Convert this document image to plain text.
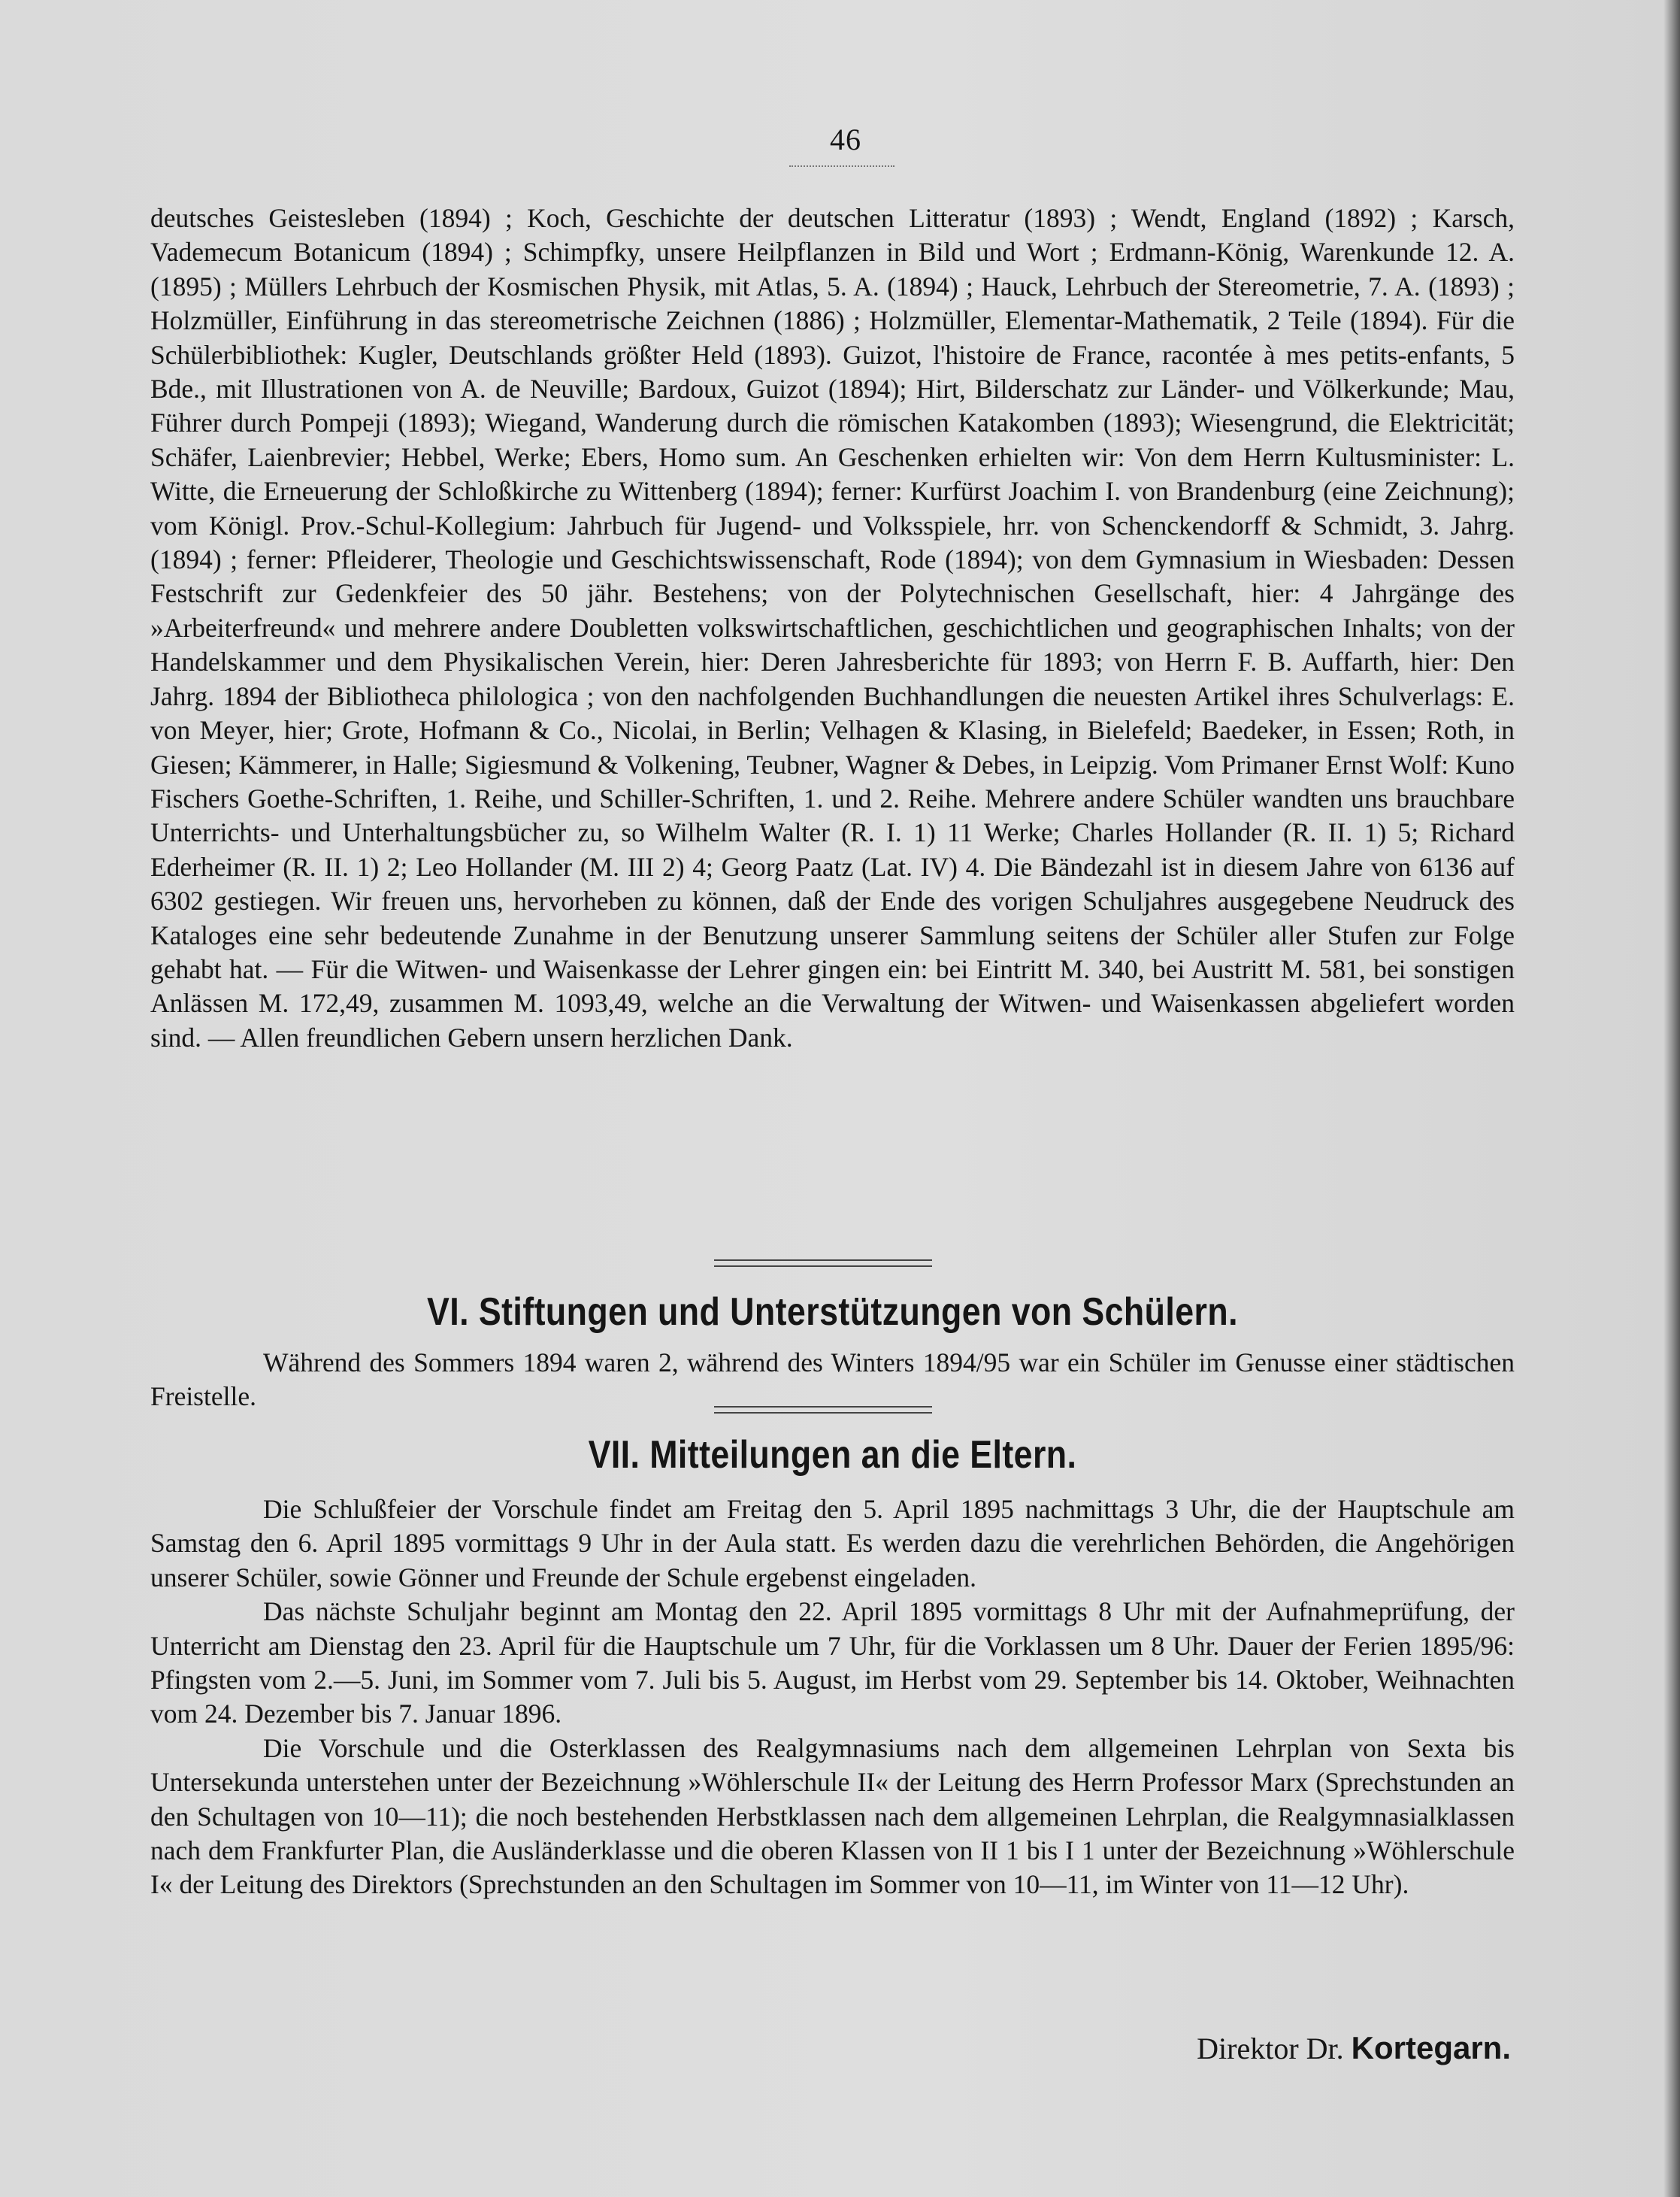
46

deutsches Geistesleben (1894) ; Koch, Geschichte der deutschen Litteratur (1893) ; Wendt, England (1892) ; Karsch, Vademecum Botanicum (1894) ; Schimpfky, unsere Heilpflanzen in Bild und Wort ; Erdmann-König, Warenkunde 12. A. (1895) ; Müllers Lehrbuch der Kosmischen Physik, mit Atlas, 5. A. (1894) ; Hauck, Lehrbuch der Stereometrie, 7. A. (1893) ; Holzmüller, Einführung in das stereometrische Zeichnen (1886) ; Holzmüller, Elementar-Mathematik, 2 Teile (1894). Für die Schülerbibliothek: Kugler, Deutschlands größter Held (1893). Guizot, l'histoire de France, racontée à mes petits-enfants, 5 Bde., mit Illustrationen von A. de Neuville; Bardoux, Guizot (1894); Hirt, Bilderschatz zur Länder- und Völkerkunde; Mau, Führer durch Pompeji (1893); Wiegand, Wanderung durch die römischen Katakomben (1893); Wiesengrund, die Elektricität; Schäfer, Laienbrevier; Hebbel, Werke; Ebers, Homo sum. An Geschenken erhielten wir: Von dem Herrn Kultusminister: L. Witte, die Erneuerung der Schloßkirche zu Wittenberg (1894); ferner: Kurfürst Joachim I. von Brandenburg (eine Zeichnung); vom Königl. Prov.-Schul-Kollegium: Jahrbuch für Jugend- und Volksspiele, hrr. von Schenckendorff & Schmidt, 3. Jahrg. (1894) ; ferner: Pfleiderer, Theologie und Geschichtswissenschaft, Rode (1894); von dem Gymnasium in Wiesbaden: Dessen Festschrift zur Gedenkfeier des 50 jähr. Bestehens; von der Polytechnischen Gesellschaft, hier: 4 Jahrgänge des »Arbeiterfreund« und mehrere andere Doubletten volkswirtschaftlichen, geschichtlichen und geographischen Inhalts; von der Handelskammer und dem Physikalischen Verein, hier: Deren Jahresberichte für 1893; von Herrn F. B. Auffarth, hier: Den Jahrg. 1894 der Bibliotheca philologica ; von den nachfolgenden Buchhandlungen die neuesten Artikel ihres Schulverlags: E. von Meyer, hier; Grote, Hofmann & Co., Nicolai, in Berlin; Velhagen & Klasing, in Bielefeld; Baedeker, in Essen; Roth, in Giesen; Kämmerer, in Halle; Sigiesmund & Volkening, Teubner, Wagner & Debes, in Leipzig. Vom Primaner Ernst Wolf: Kuno Fischers Goethe-Schriften, 1. Reihe, und Schiller-Schriften, 1. und 2. Reihe. Mehrere andere Schüler wandten uns brauchbare Unterrichts- und Unterhaltungsbücher zu, so Wilhelm Walter (R. I. 1) 11 Werke; Charles Hollander (R. II. 1) 5; Richard Ederheimer (R. II. 1) 2; Leo Hollander (M. III 2) 4; Georg Paatz (Lat. IV) 4. Die Bändezahl ist in diesem Jahre von 6136 auf 6302 gestiegen. Wir freuen uns, hervorheben zu können, daß der Ende des vorigen Schuljahres ausgegebene Neudruck des Kataloges eine sehr bedeutende Zunahme in der Benutzung unserer Sammlung seitens der Schüler aller Stufen zur Folge gehabt hat. — Für die Witwen- und Waisenkasse der Lehrer gingen ein: bei Eintritt M. 340, bei Austritt M. 581, bei sonstigen Anlässen M. 172,49, zusammen M. 1093,49, welche an die Verwaltung der Witwen- und Waisenkassen abgeliefert worden sind. — Allen freundlichen Gebern unsern herzlichen Dank.

VI. Stiftungen und Unterstützungen von Schülern.

Während des Sommers 1894 waren 2, während des Winters 1894/95 war ein Schüler im Genusse einer städtischen Freistelle.

VII. Mitteilungen an die Eltern.

Die Schlußfeier der Vorschule findet am Freitag den 5. April 1895 nachmittags 3 Uhr, die der Hauptschule am Samstag den 6. April 1895 vormittags 9 Uhr in der Aula statt. Es werden dazu die verehrlichen Behörden, die Angehörigen unserer Schüler, sowie Gönner und Freunde der Schule ergebenst eingeladen.

Das nächste Schuljahr beginnt am Montag den 22. April 1895 vormittags 8 Uhr mit der Aufnahmeprüfung, der Unterricht am Dienstag den 23. April für die Hauptschule um 7 Uhr, für die Vorklassen um 8 Uhr. Dauer der Ferien 1895/96: Pfingsten vom 2.—5. Juni, im Sommer vom 7. Juli bis 5. August, im Herbst vom 29. September bis 14. Oktober, Weihnachten vom 24. Dezember bis 7. Januar 1896.

Die Vorschule und die Osterklassen des Realgymnasiums nach dem allgemeinen Lehrplan von Sexta bis Untersekunda unterstehen unter der Bezeichnung »Wöhlerschule II« der Leitung des Herrn Professor Marx (Sprechstunden an den Schultagen von 10—11); die noch bestehenden Herbstklassen nach dem allgemeinen Lehrplan, die Realgymnasialklassen nach dem Frankfurter Plan, die Ausländerklasse und die oberen Klassen von II 1 bis I 1 unter der Bezeichnung »Wöhlerschule I« der Leitung des Direktors (Sprechstunden an den Schultagen im Sommer von 10—11, im Winter von 11—12 Uhr).

Direktor Dr. Kortegarn.
